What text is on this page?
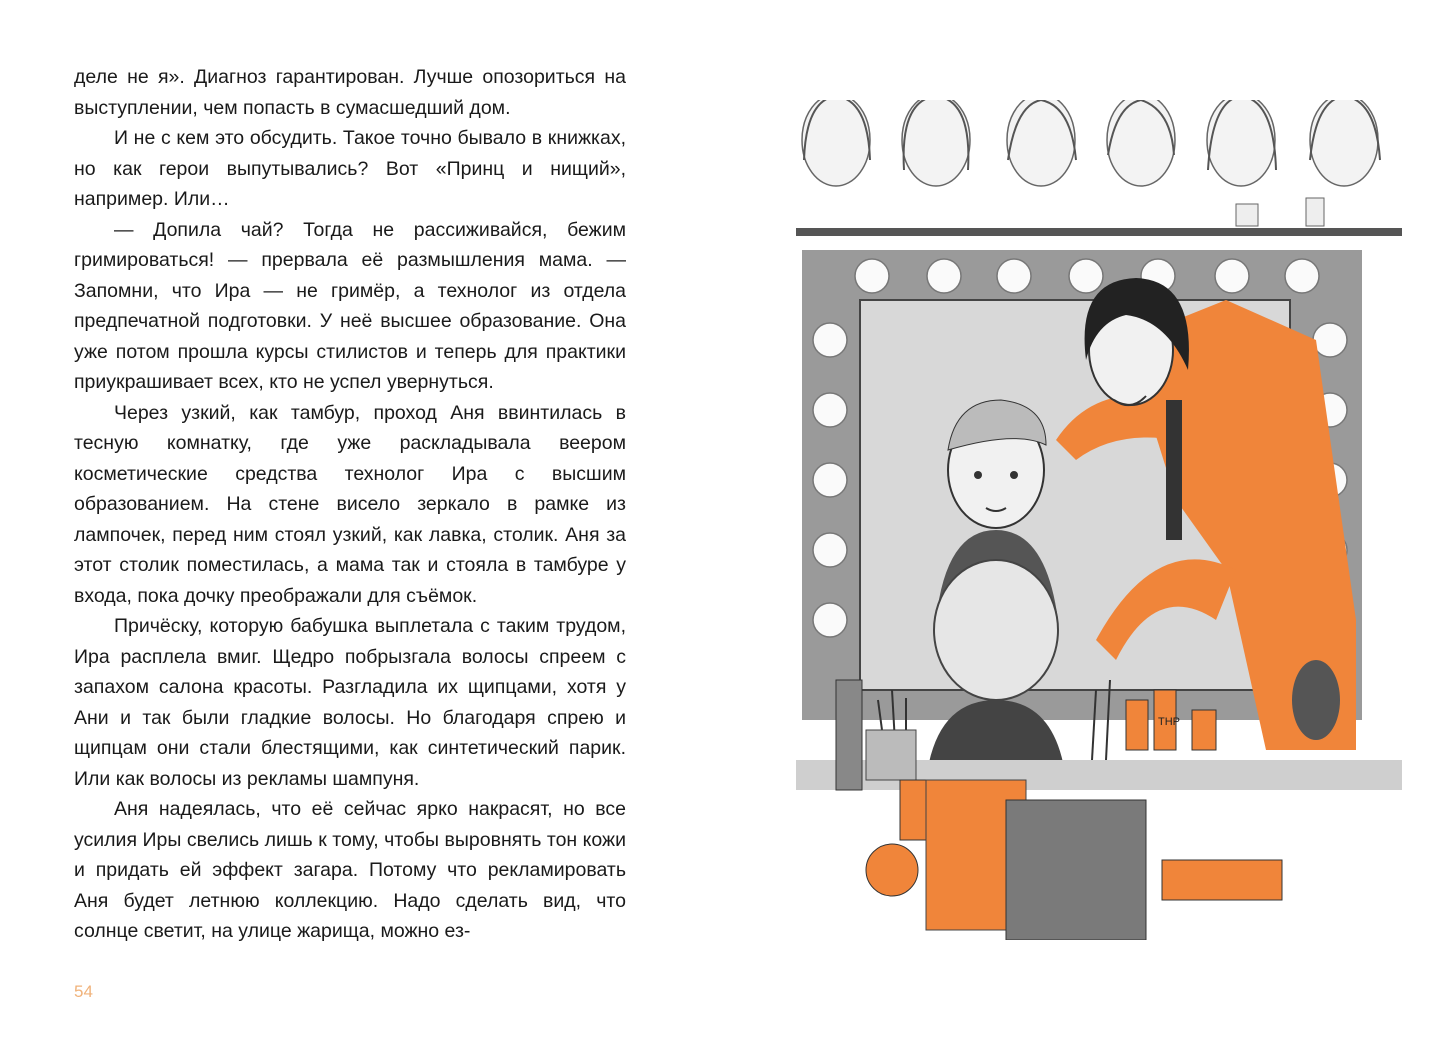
деле не я». Диагноз гарантирован. Лучше опозориться на выступлении, чем попасть в сумасшедший дом.

И не с кем это обсудить. Такое точно бывало в книжках, но как герои выпутывались? Вот «Принц и нищий», например. Или…

— Допила чай? Тогда не рассиживайся, бежим гримироваться! — прервала её размышления мама. — Запомни, что Ира — не гримёр, а технолог из отдела предпечатной подготовки. У неё высшее образование. Она уже потом прошла курсы стилистов и теперь для практики приукрашивает всех, кто не успел увернуться.

Через узкий, как тамбур, проход Аня ввинтилась в тесную комнатку, где уже раскладывала веером косметические средства технолог Ира с высшим образованием. На стене висело зеркало в рамке из лампочек, перед ним стоял узкий, как лавка, столик. Аня за этот столик поместилась, а мама так и стояла в тамбуре у входа, пока дочку преображали для съёмок.

Причёску, которую бабушка выплетала с таким трудом, Ира расплела вмиг. Щедро побрызгала волосы спреем с запахом салона красоты. Разгладила их щипцами, хотя у Ани и так были гладкие волосы. Но благодаря спрею и щипцам они стали блестящими, как синтетический парик. Или как волосы из рекламы шампуня.

Аня надеялась, что её сейчас ярко накрасят, но все усилия Иры свелись лишь к тому, чтобы выровнять тон кожи и придать ей эффект загара. Потому что рекламировать Аня будет летнюю коллекцию. Надо сделать вид, что солнце светит, на улице жарища, можно ез-

54
ТНР
